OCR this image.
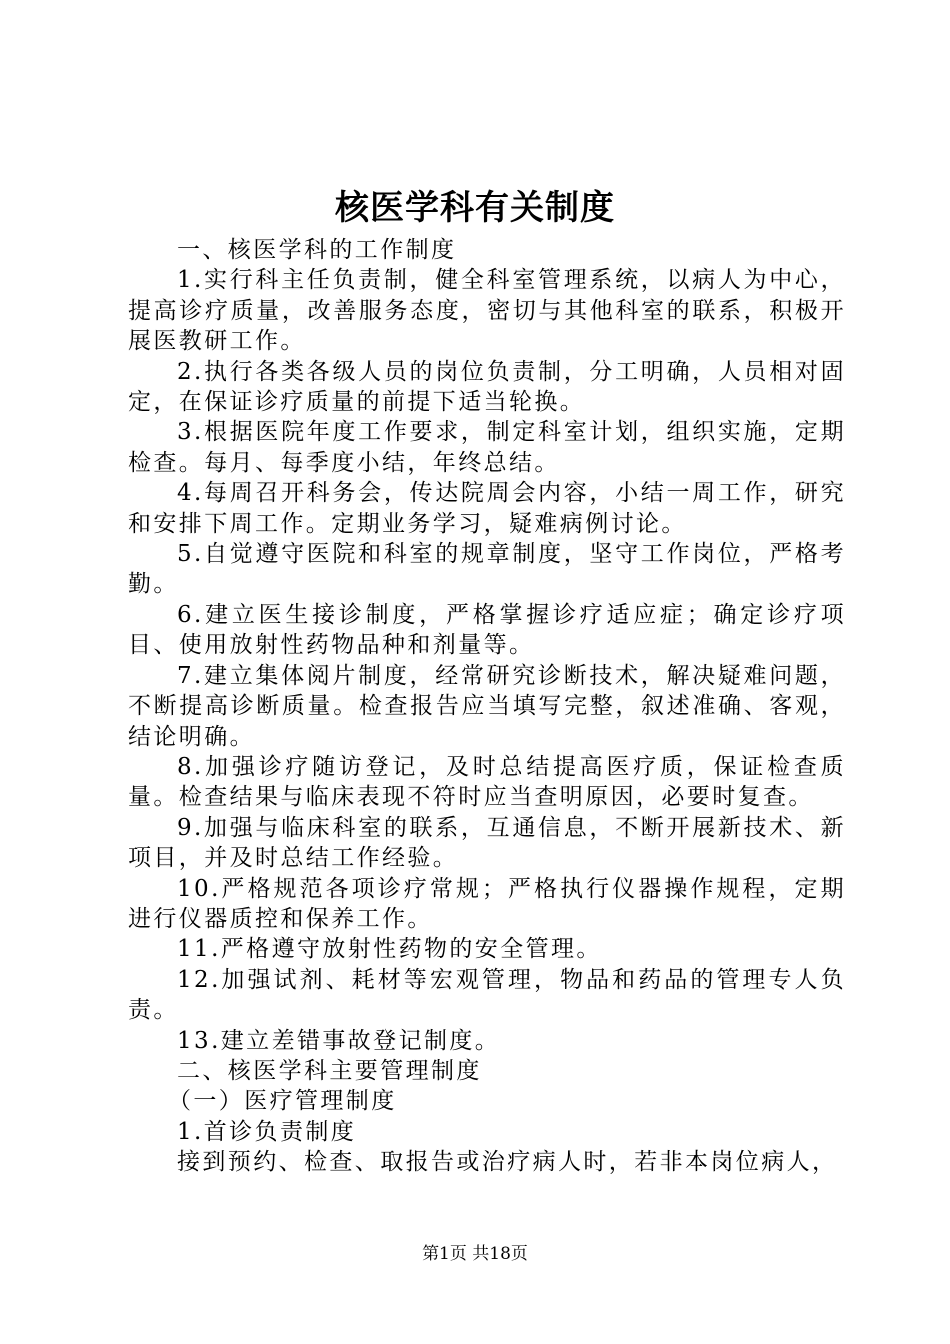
核医学科有关制度

一、核医学科的工作制度

1.实行科主任负责制，健全科室管理系统，以病人为中心，提高诊疗质量，改善服务态度，密切与其他科室的联系，积极开展医教研工作。

2.执行各类各级人员的岗位负责制，分工明确，人员相对固定，在保证诊疗质量的前提下适当轮换。

3.根据医院年度工作要求，制定科室计划，组织实施，定期检查。每月、每季度小结，年终总结。

4.每周召开科务会，传达院周会内容，小结一周工作，研究和安排下周工作。定期业务学习，疑难病例讨论。

5.自觉遵守医院和科室的规章制度，坚守工作岗位，严格考勤。

6.建立医生接诊制度，严格掌握诊疗适应症；确定诊疗项目、使用放射性药物品种和剂量等。

7.建立集体阅片制度，经常研究诊断技术，解决疑难问题，不断提高诊断质量。检查报告应当填写完整，叙述准确、客观，结论明确。

8.加强诊疗随访登记，及时总结提高医疗质，保证检查质量。检查结果与临床表现不符时应当查明原因，必要时复查。

9.加强与临床科室的联系，互通信息，不断开展新技术、新项目，并及时总结工作经验。

10.严格规范各项诊疗常规；严格执行仪器操作规程，定期进行仪器质控和保养工作。

11.严格遵守放射性药物的安全管理。

12.加强试剂、耗材等宏观管理，物品和药品的管理专人负责。

13.建立差错事故登记制度。

二、核医学科主要管理制度

（一）医疗管理制度

1.首诊负责制度

接到预约、检查、取报告或治疗病人时，若非本岗位病人，

第1页 共18页
